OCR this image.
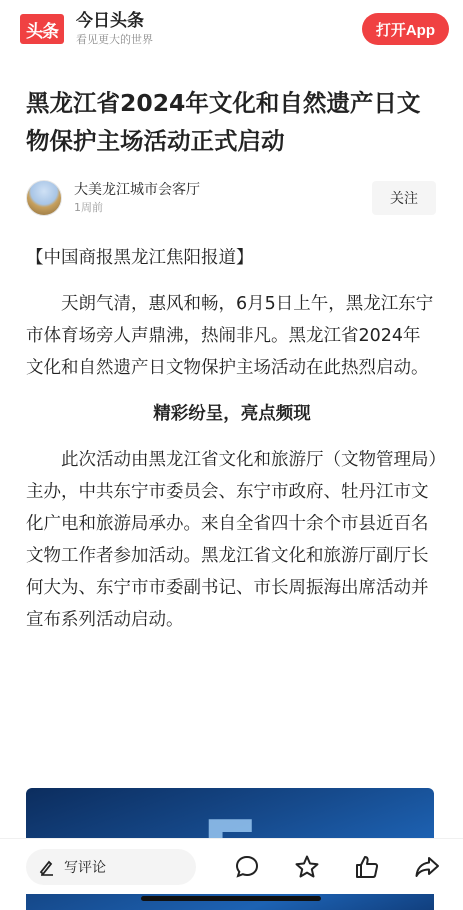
头条
今日头条
看见更大的世界
打开App
黑龙江省2024年文化和自然遗产日文物保护主场活动正式启动
大美龙江城市会客厅
1周前
关注

【中国商报黑龙江焦阳报道】

天朗气清，惠风和畅，6月5日上午，黑龙江东宁市体育场旁人声鼎沸，热闹非凡。黑龙江省2024年文化和自然遗产日文物保护主场活动在此热烈启动。

精彩纷呈，亮点频现

此次活动由黑龙江省文化和旅游厅（文物管理局）主办，中共东宁市委员会、东宁市政府、牡丹江市文化广电和旅游局承办。来自全省四十余个市县近百名文物工作者参加活动。黑龙江省文化和旅游厅副厅长何大为、东宁市市委副书记、市长周振海出席活动并宣布系列活动启动。

写评论
